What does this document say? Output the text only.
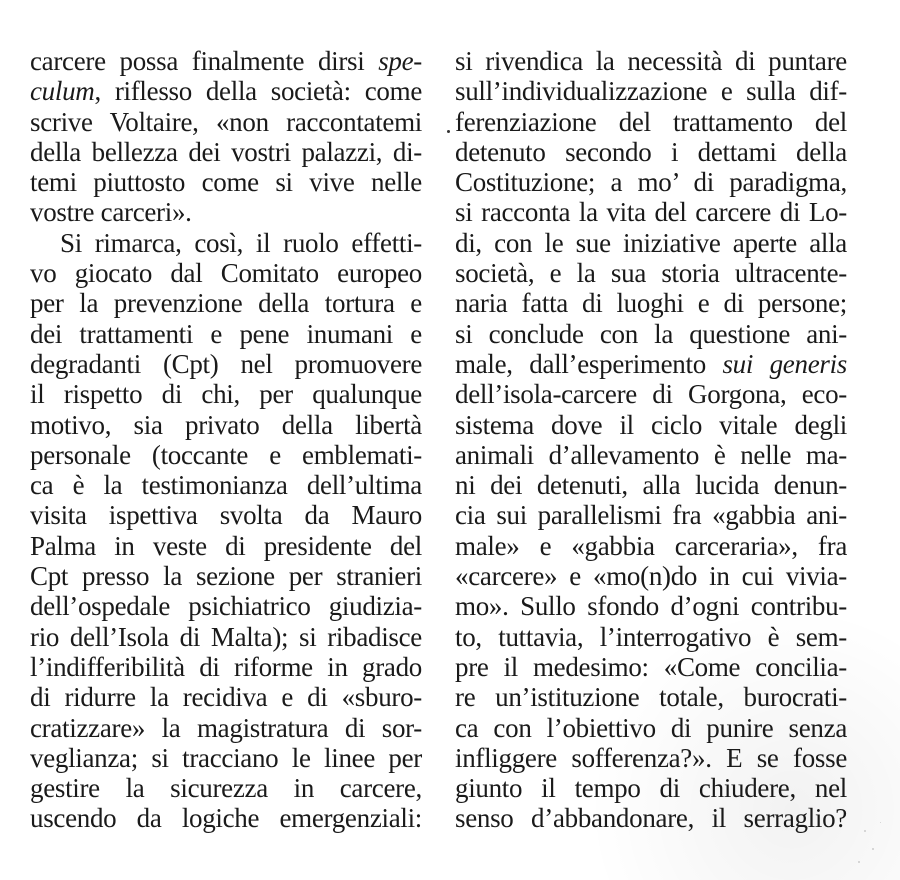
carcere possa finalmente dirsi spe-
culum, riflesso della società: come
scrive Voltaire, «non raccontatemi
della bellezza dei vostri palazzi, di-
temi piuttosto come si vive nelle
vostre carceri».
Si rimarca, così, il ruolo effetti-
vo giocato dal Comitato europeo
per la prevenzione della tortura e
dei trattamenti e pene inumani e
degradanti (Cpt) nel promuovere
il rispetto di chi, per qualunque
motivo, sia privato della libertà
personale (toccante e emblemati-
ca è la testimonianza dell’ultima
visita ispettiva svolta da Mauro
Palma in veste di presidente del
Cpt presso la sezione per stranieri
dell’ospedale psichiatrico giudizia-
rio dell’Isola di Malta); si ribadisce
l’indifferibilità di riforme in grado
di ridurre la recidiva e di «sburo-
cratizzare» la magistratura di sor-
veglianza; si tracciano le linee per
gestire la sicurezza in carcere,
uscendo da logiche emergenziali:
si rivendica la necessità di puntare
sull’individualizzazione e sulla dif-
ferenziazione del trattamento del
detenuto secondo i dettami della
Costituzione; a mo’ di paradigma,
si racconta la vita del carcere di Lo-
di, con le sue iniziative aperte alla
società, e la sua storia ultracente-
naria fatta di luoghi e di persone;
si conclude con la questione ani-
male, dall’esperimento sui generis
dell’isola-carcere di Gorgona, eco-
sistema dove il ciclo vitale degli
animali d’allevamento è nelle ma-
ni dei detenuti, alla lucida denun-
cia sui parallelismi fra «gabbia ani-
male» e «gabbia carceraria», fra
«carcere» e «mo(n)do in cui vivia-
mo». Sullo sfondo d’ogni contribu-
to, tuttavia, l’interrogativo è sem-
pre il medesimo: «Come concilia-
re un’istituzione totale, burocrati-
ca con l’obiettivo di punire senza
infliggere sofferenza?». E se fosse
giunto il tempo di chiudere, nel
senso d’abbandonare, il serraglio?
